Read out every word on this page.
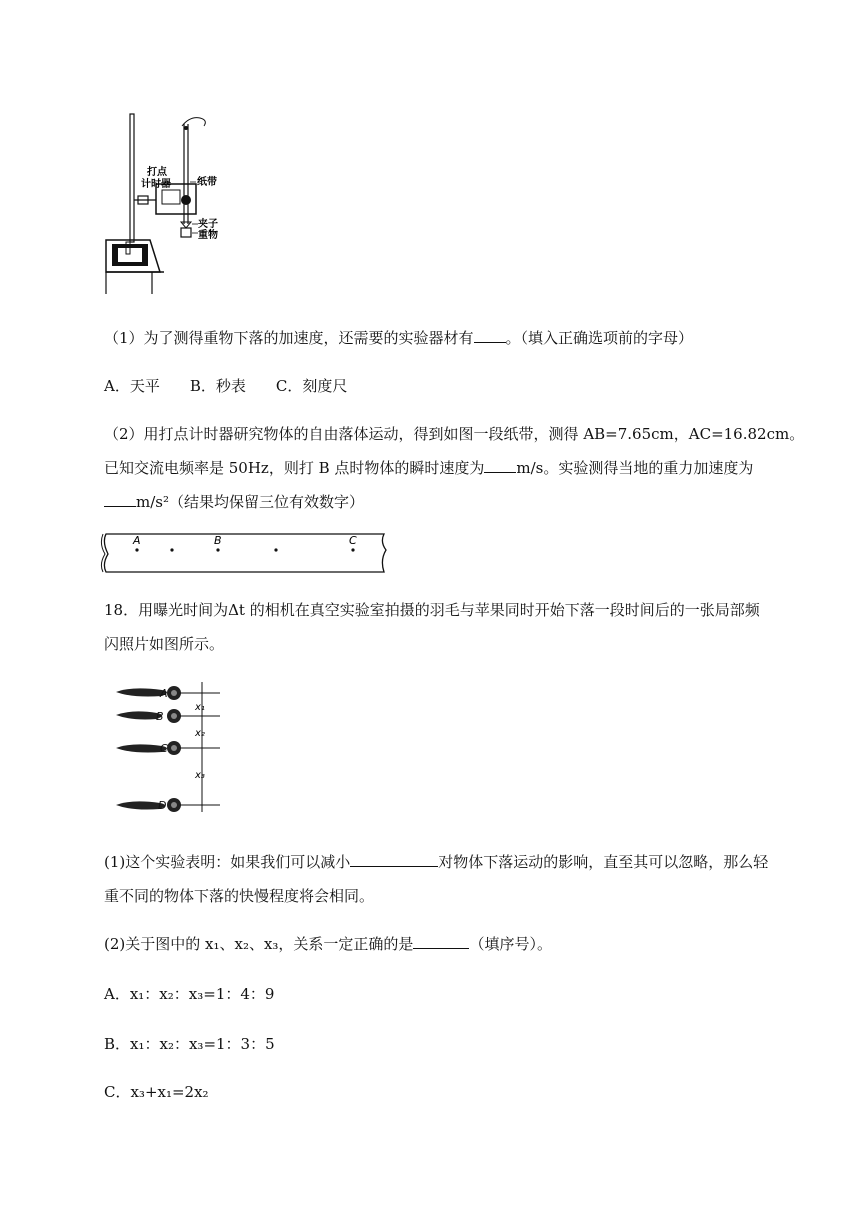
打点
计时器	纸带
夹子
重物
（1）为了测得重物下落的加速度，还需要的实验器材有 。（填入正确选项前的字母）
A．天平　　B．秒表　　C．刻度尺
（2）用打点计时器研究物体的自由落体运动，得到如图一段纸带，测得 AB=7.65cm，AC=16.82cm。
已知交流电频率是 50Hz，则打 B 点时物体的瞬时速度为 m/s。实验测得当地的重力加速度为
m/s²（结果均保留三位有效数字）
A	B	C
18．用曝光时间为Δt 的相机在真空实验室拍摄的羽毛与苹果同时开始下落一段时间后的一张局部频
闪照片如图所示。
A
B
C
D
x₁
x₂
x₃
(1)这个实验表明：如果我们可以减小	对物体下落运动的影响，直至其可以忽略，那么轻
重不同的物体下落的快慢程度将会相同。
(2)关于图中的 x₁、x₂、x₃，关系一定正确的是	（填序号）。
A．x₁：x₂：x₃=1：4：9
B．x₁：x₂：x₃=1：3：5
C．x₃+x₁=2x₂
